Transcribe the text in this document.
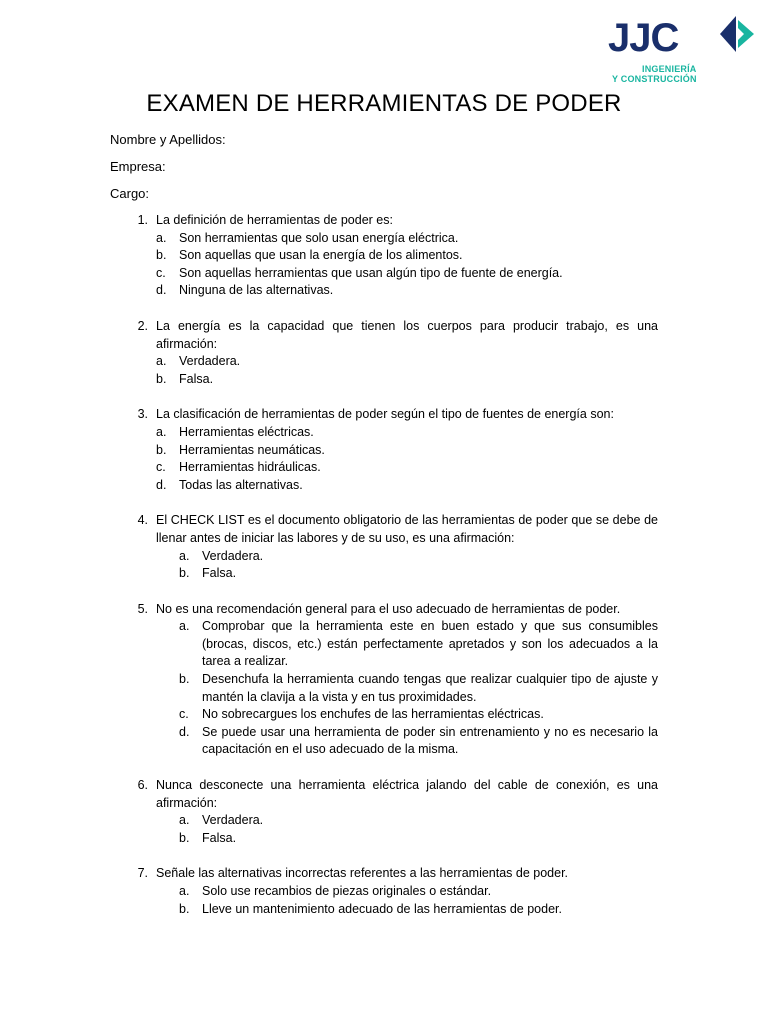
JJC
INGENIERÍA
Y CONSTRUCCIÓN
EXAMEN DE HERRAMIENTAS DE PODER
Nombre y Apellidos:
Empresa:
Cargo:
1. La definición de herramientas de poder es:
a.	Son herramientas que solo usan energía eléctrica.
b.	Son aquellas que usan la energía de los alimentos.
c.	Son aquellas herramientas que usan algún tipo de fuente de energía.
d.	Ninguna de las alternativas.
2. La energía es la capacidad que tienen los cuerpos para producir trabajo, es una afirmación:
a.	Verdadera.
b.	Falsa.
3. La clasificación de herramientas de poder según el tipo de fuentes de energía son:
a.	Herramientas eléctricas.
b.	Herramientas neumáticas.
c.	Herramientas hidráulicas.
d.	Todas las alternativas.
4. El CHECK LIST es el documento obligatorio de las herramientas de poder que se debe de llenar antes de iniciar las labores y de su uso, es una afirmación:
a.	Verdadera.
b.	Falsa.
5. No es una recomendación general para el uso adecuado de herramientas de poder.
a.	Comprobar que la herramienta este en buen estado y que sus consumibles (brocas, discos, etc.) están perfectamente apretados y son los adecuados a la tarea a realizar.
b.	Desenchufa la herramienta cuando tengas que realizar cualquier tipo de ajuste y mantén la clavija a la vista y en tus proximidades.
c.	No sobrecargues los enchufes de las herramientas eléctricas.
d.	Se puede usar una herramienta de poder sin entrenamiento y no es necesario la capacitación en el uso adecuado de la misma.
6. Nunca desconecte una herramienta eléctrica jalando del cable de conexión, es una afirmación:
a.	Verdadera.
b.	Falsa.
7. Señale las alternativas incorrectas referentes a las herramientas de poder.
a.	Solo use recambios de piezas originales o estándar.
b.	Lleve un mantenimiento adecuado de las herramientas de poder.
